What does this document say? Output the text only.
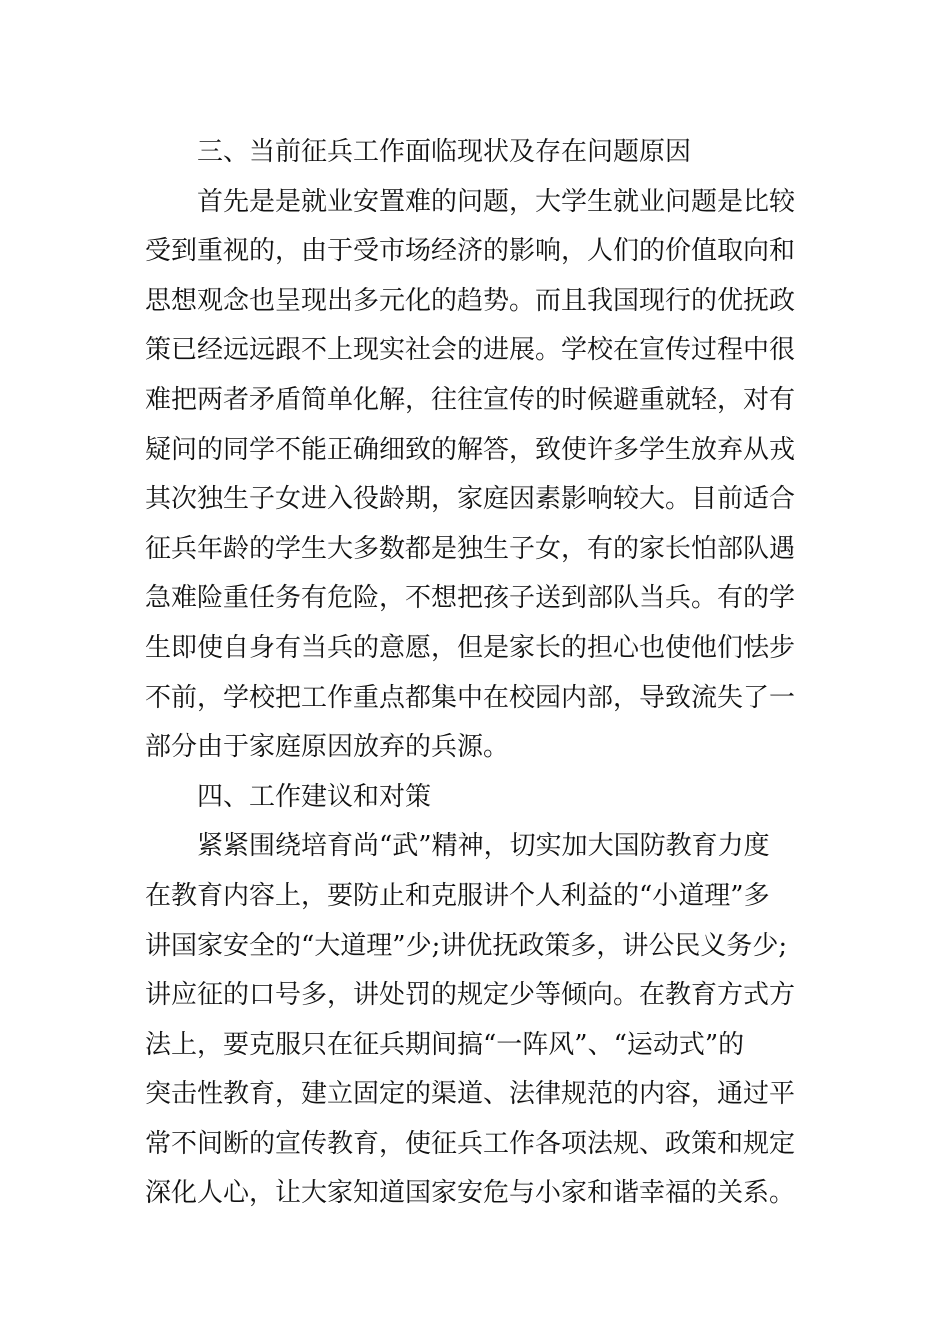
三、当前征兵工作面临现状及存在问题原因
首先是是就业安置难的问题，大学生就业问题是比较
受到重视的，由于受市场经济的影响，人们的价值取向和
思想观念也呈现出多元化的趋势。而且我国现行的优抚政
策已经远远跟不上现实社会的进展。学校在宣传过程中很
难把两者矛盾简单化解，往往宣传的时候避重就轻，对有
疑问的同学不能正确细致的解答，致使许多学生放弃从戎
其次独生子女进入役龄期，家庭因素影响较大。目前适合
征兵年龄的学生大多数都是独生子女，有的家长怕部队遇
急难险重任务有危险，不想把孩子送到部队当兵。有的学
生即使自身有当兵的意愿，但是家长的担心也使他们怯步
不前，学校把工作重点都集中在校园内部，导致流失了一
部分由于家庭原因放弃的兵源。
四、工作建议和对策
紧紧围绕培育尚“武”精神，切实加大国防教育力度
在教育内容上，要防止和克服讲个人利益的“小道理”多
讲国家安全的“大道理”少;讲优抚政策多，讲公民义务少;
讲应征的口号多，讲处罚的规定少等倾向。在教育方式方
法上，要克服只在征兵期间搞“一阵风”、“运动式”的
突击性教育，建立固定的渠道、法律规范的内容，通过平
常不间断的宣传教育，使征兵工作各项法规、政策和规定
深化人心，让大家知道国家安危与小家和谐幸福的关系。
